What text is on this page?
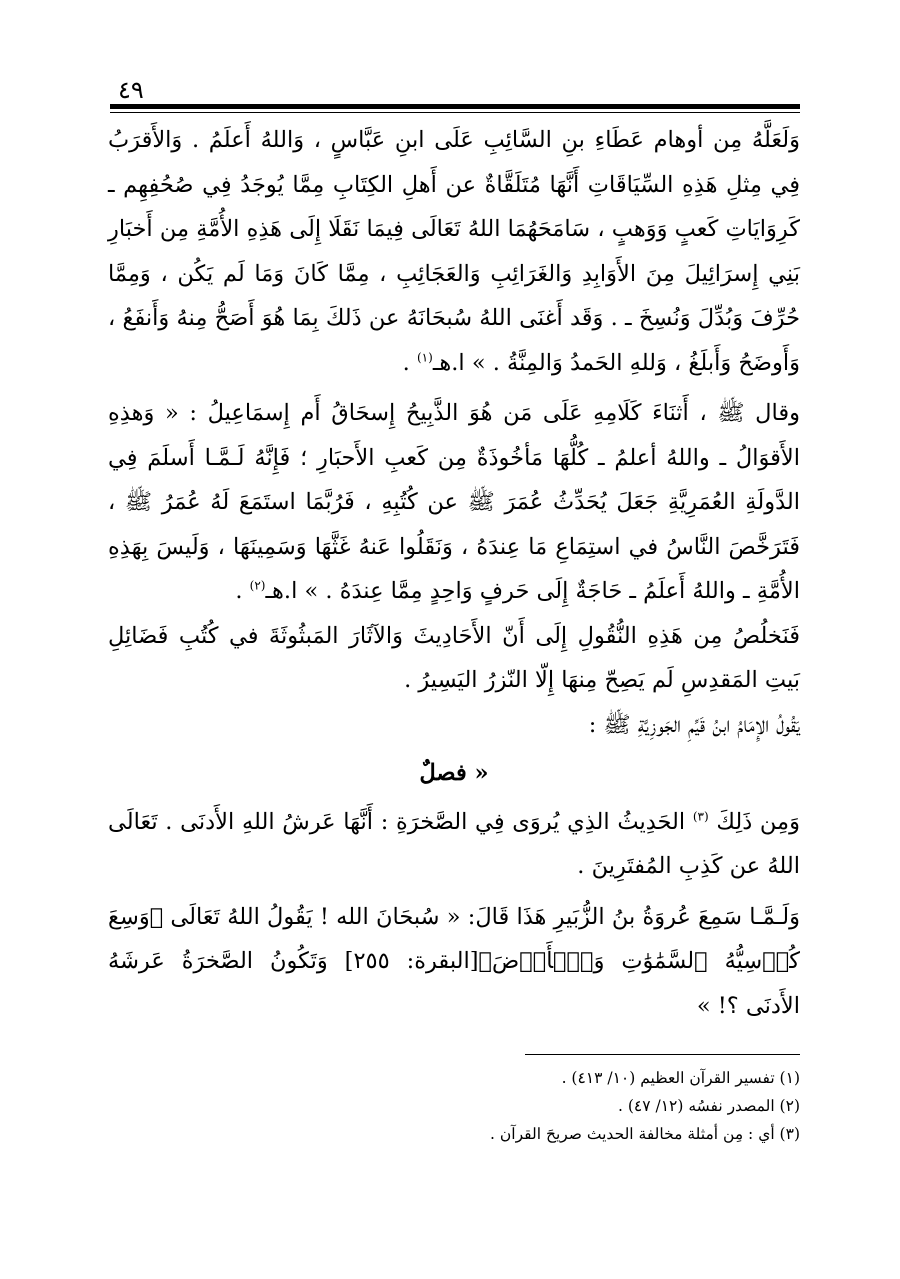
٤٩

وَلَعَلَّهُ مِن أوهام عَطَاءِ بنِ السَّائِبِ عَلَى ابنِ عَبَّاسٍ ، وَاللهُ أَعلَمُ . وَالأَقرَبُ فِي مِثلِ هَذِهِ السِّيَاقَاتِ أَنَّهَا مُتَلَقَّاةٌ عن أَهلِ الكِتَابِ مِمَّا يُوجَدُ فِي صُحُفِهِم ـ كَرِوَايَاتِ كَعبٍ وَوَهبٍ ، سَامَحَهُمَا اللهُ تَعَالَى فِيمَا نَقَلَا إِلَى هَذِهِ الأُمَّةِ مِن أَخبَارِ بَنِي إِسرَائِيلَ مِنَ الأَوَابِدِ وَالغَرَائِبِ وَالعَجَائِبِ ، مِمَّا كَانَ وَمَا لَم يَكُن ، وَمِمَّا حُرِّفَ وَبُدِّلَ وَنُسِخَ ـ . وَقَد أَغنَى اللهُ سُبحَانَهُ عن ذَلكَ بِمَا هُوَ أَصَحُّ مِنهُ وَأَنفَعُ ، وَأَوضَحُ وَأَبلَغُ ، وَللهِ الحَمدُ وَالمِنَّةُ . » ا.هـ$^{(١)}$ .

وقال ﷺ ، أَثنَاءَ كَلَامِهِ عَلَى مَن هُوَ الذَّبِيحُ إِسحَاقُ أَم إِسمَاعِيلُ : « وَهذِهِ الأَقوَالُ ـ واللهُ أعلمُ ـ كُلُّهَا مَأخُوذَةٌ مِن كَعبِ الأَحبَارِ ؛ فَإِنَّهُ لَـمَّـا أَسلَمَ فِي الدَّولَةِ العُمَرِيَّةِ جَعَلَ يُحَدِّثُ عُمَرَ ﷺ عن كُتُبِهِ ، فَرُبَّمَا استَمَعَ لَهُ عُمَرُ ﷺ ، فَتَرَخَّصَ النَّاسُ في استِمَاعِ مَا عِندَهُ ، وَنَقَلُوا عَنهُ غَثَّهَا وَسَمِينَهَا ، وَلَيسَ بِهَذِهِ الأُمَّةِ ـ واللهُ أَعلَمُ ـ حَاجَةٌ إِلَى حَرفٍ وَاحِدٍ مِمَّا عِندَهُ . » ا.هـ$^{(٢)}$ .

فَنَخلُصُ مِن هَذِهِ النُّقُولِ إِلَى أَنّ الأَحَادِيثَ وَالآثَارَ المَبثُوثَةَ في كُتُبِ فَضَائِلِ بَيتِ المَقدِسِ لَم يَصِحّ مِنهَا إِلّا النّزرُ اليَسِيرُ .

يَقُولُ الإِمَامُ ابنُ قَيِّمِ الجَوزِيَّةِ ﷺ :

« فصلٌ

وَمِن ذَلِكَ $^{(٣)}$ الحَدِيثُ الذِي يُروَى فِي الصَّخرَةِ : أَنَّهَا عَرشُ اللهِ الأَدنَى . تَعَالَى اللهُ عن كَذِبِ المُفتَرِينَ .

وَلَـمَّـا سَمِعَ عُروَةُ بنُ الزُّبَيرِ هَذَا قَالَ: « سُبحَانَ الله ! يَقُولُ اللهُ تَعَالَى ﴿وَسِعَ كُرۡسِيُّهُ ٱلسَّمَٰوَٰتِ وَٱلۡأَرۡضَ﴾[البقرة: ٢٥٥] وَتَكُونُ الصَّخرَةُ عَرشَهُ الأَدنَى ؟! »

(١) تفسير القرآن العظيم (١٠/ ٤١٣) .

(٢) المصدر نفسُه (١٢/ ٤٧) .

(٣) أي : مِن أمثلة مخالفة الحديث صريحَ القرآن .
